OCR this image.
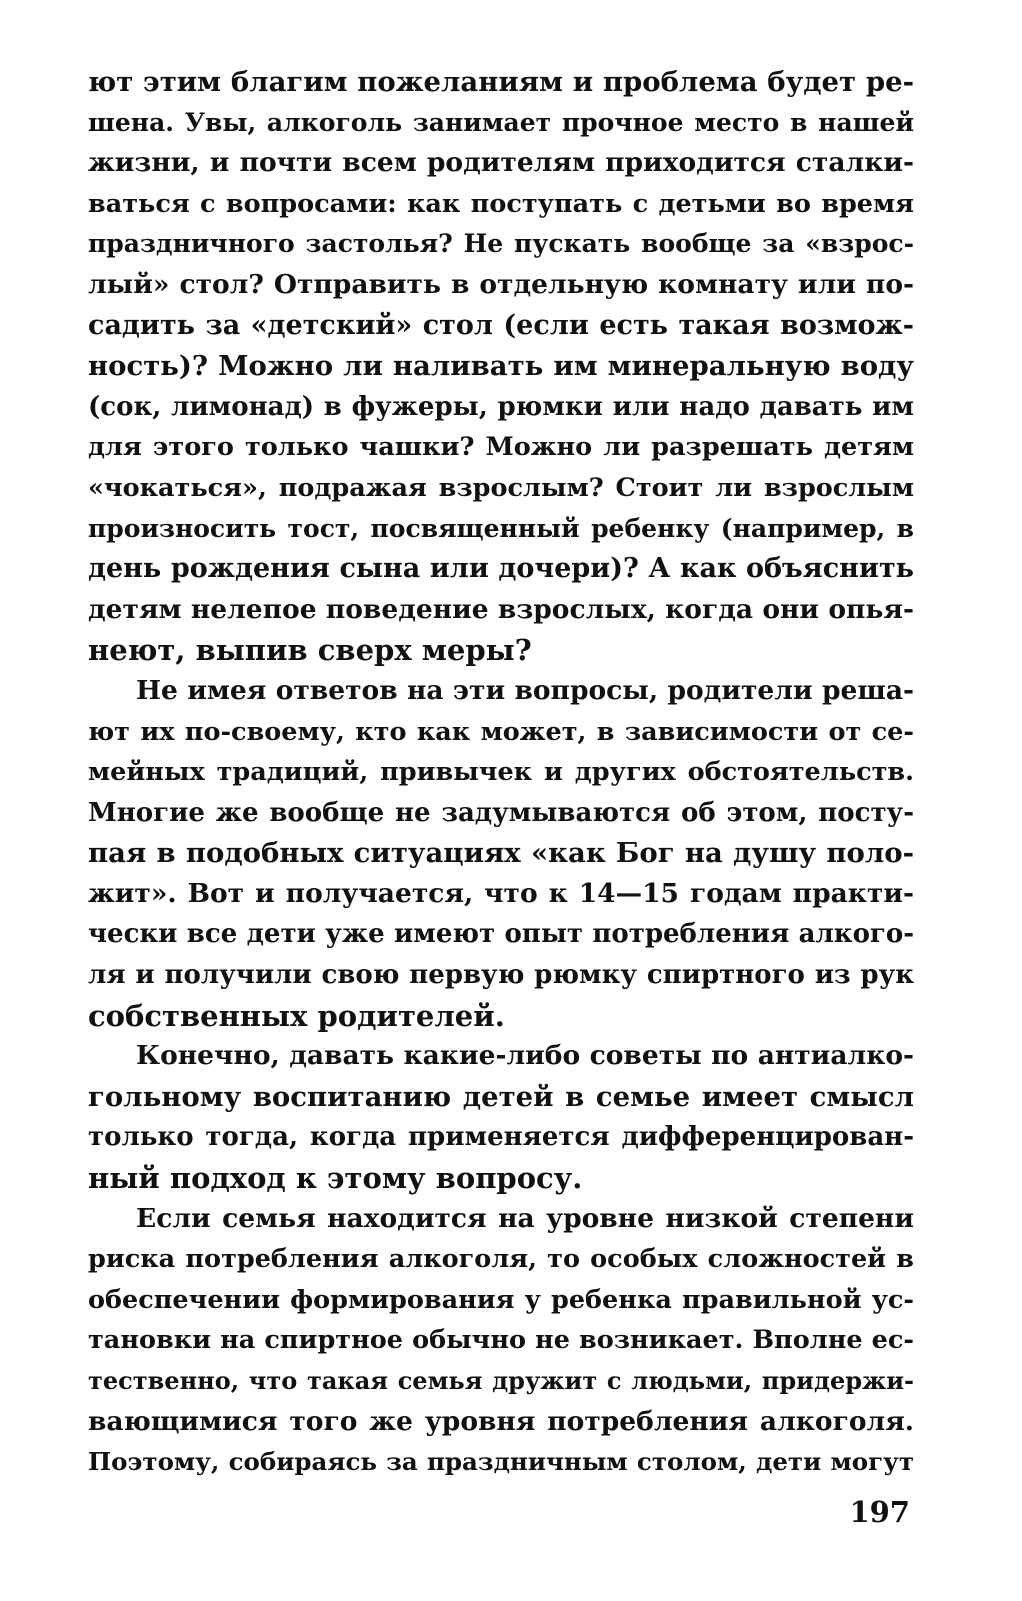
ют этим благим пожеланиям и проблема будет ре-
шена. Увы, алкоголь занимает прочное место в нашей
жизни, и почти всем родителям приходится сталки-
ваться с вопросами: как поступать с детьми во время
праздничного застолья? Не пускать вообще за «взрос-
лый» стол? Отправить в отдельную комнату или по-
садить за «детский» стол (если есть такая возмож-
ность)? Можно ли наливать им минеральную воду
(сок, лимонад) в фужеры, рюмки или надо давать им
для этого только чашки? Можно ли разрешать детям
«чокаться», подражая взрослым? Стоит ли взрослым
произносить тост, посвященный ребенку (например, в
день рождения сына или дочери)? А как объяснить
детям нелепое поведение взрослых, когда они опья-
неют, выпив сверх меры?
Не имея ответов на эти вопросы, родители реша-
ют их по-своему, кто как может, в зависимости от се-
мейных традиций, привычек и других обстоятельств.
Многие же вообще не задумываются об этом, посту-
пая в подобных ситуациях «как Бог на душу поло-
жит». Вот и получается, что к 14—15 годам практи-
чески все дети уже имеют опыт потребления алкого-
ля и получили свою первую рюмку спиртного из рук
собственных родителей.
Конечно, давать какие-либо советы по антиалко-
гольному воспитанию детей в семье имеет смысл
только тогда, когда применяется дифференцирован-
ный подход к этому вопросу.
Если семья находится на уровне низкой степени
риска потребления алкоголя, то особых сложностей в
обеспечении формирования у ребенка правильной ус-
тановки на спиртное обычно не возникает. Вполне ес-
тественно, что такая семья дружит с людьми, придержи-
вающимися того же уровня потребления алкоголя.
Поэтому, собираясь за праздничным столом, дети могут
197
